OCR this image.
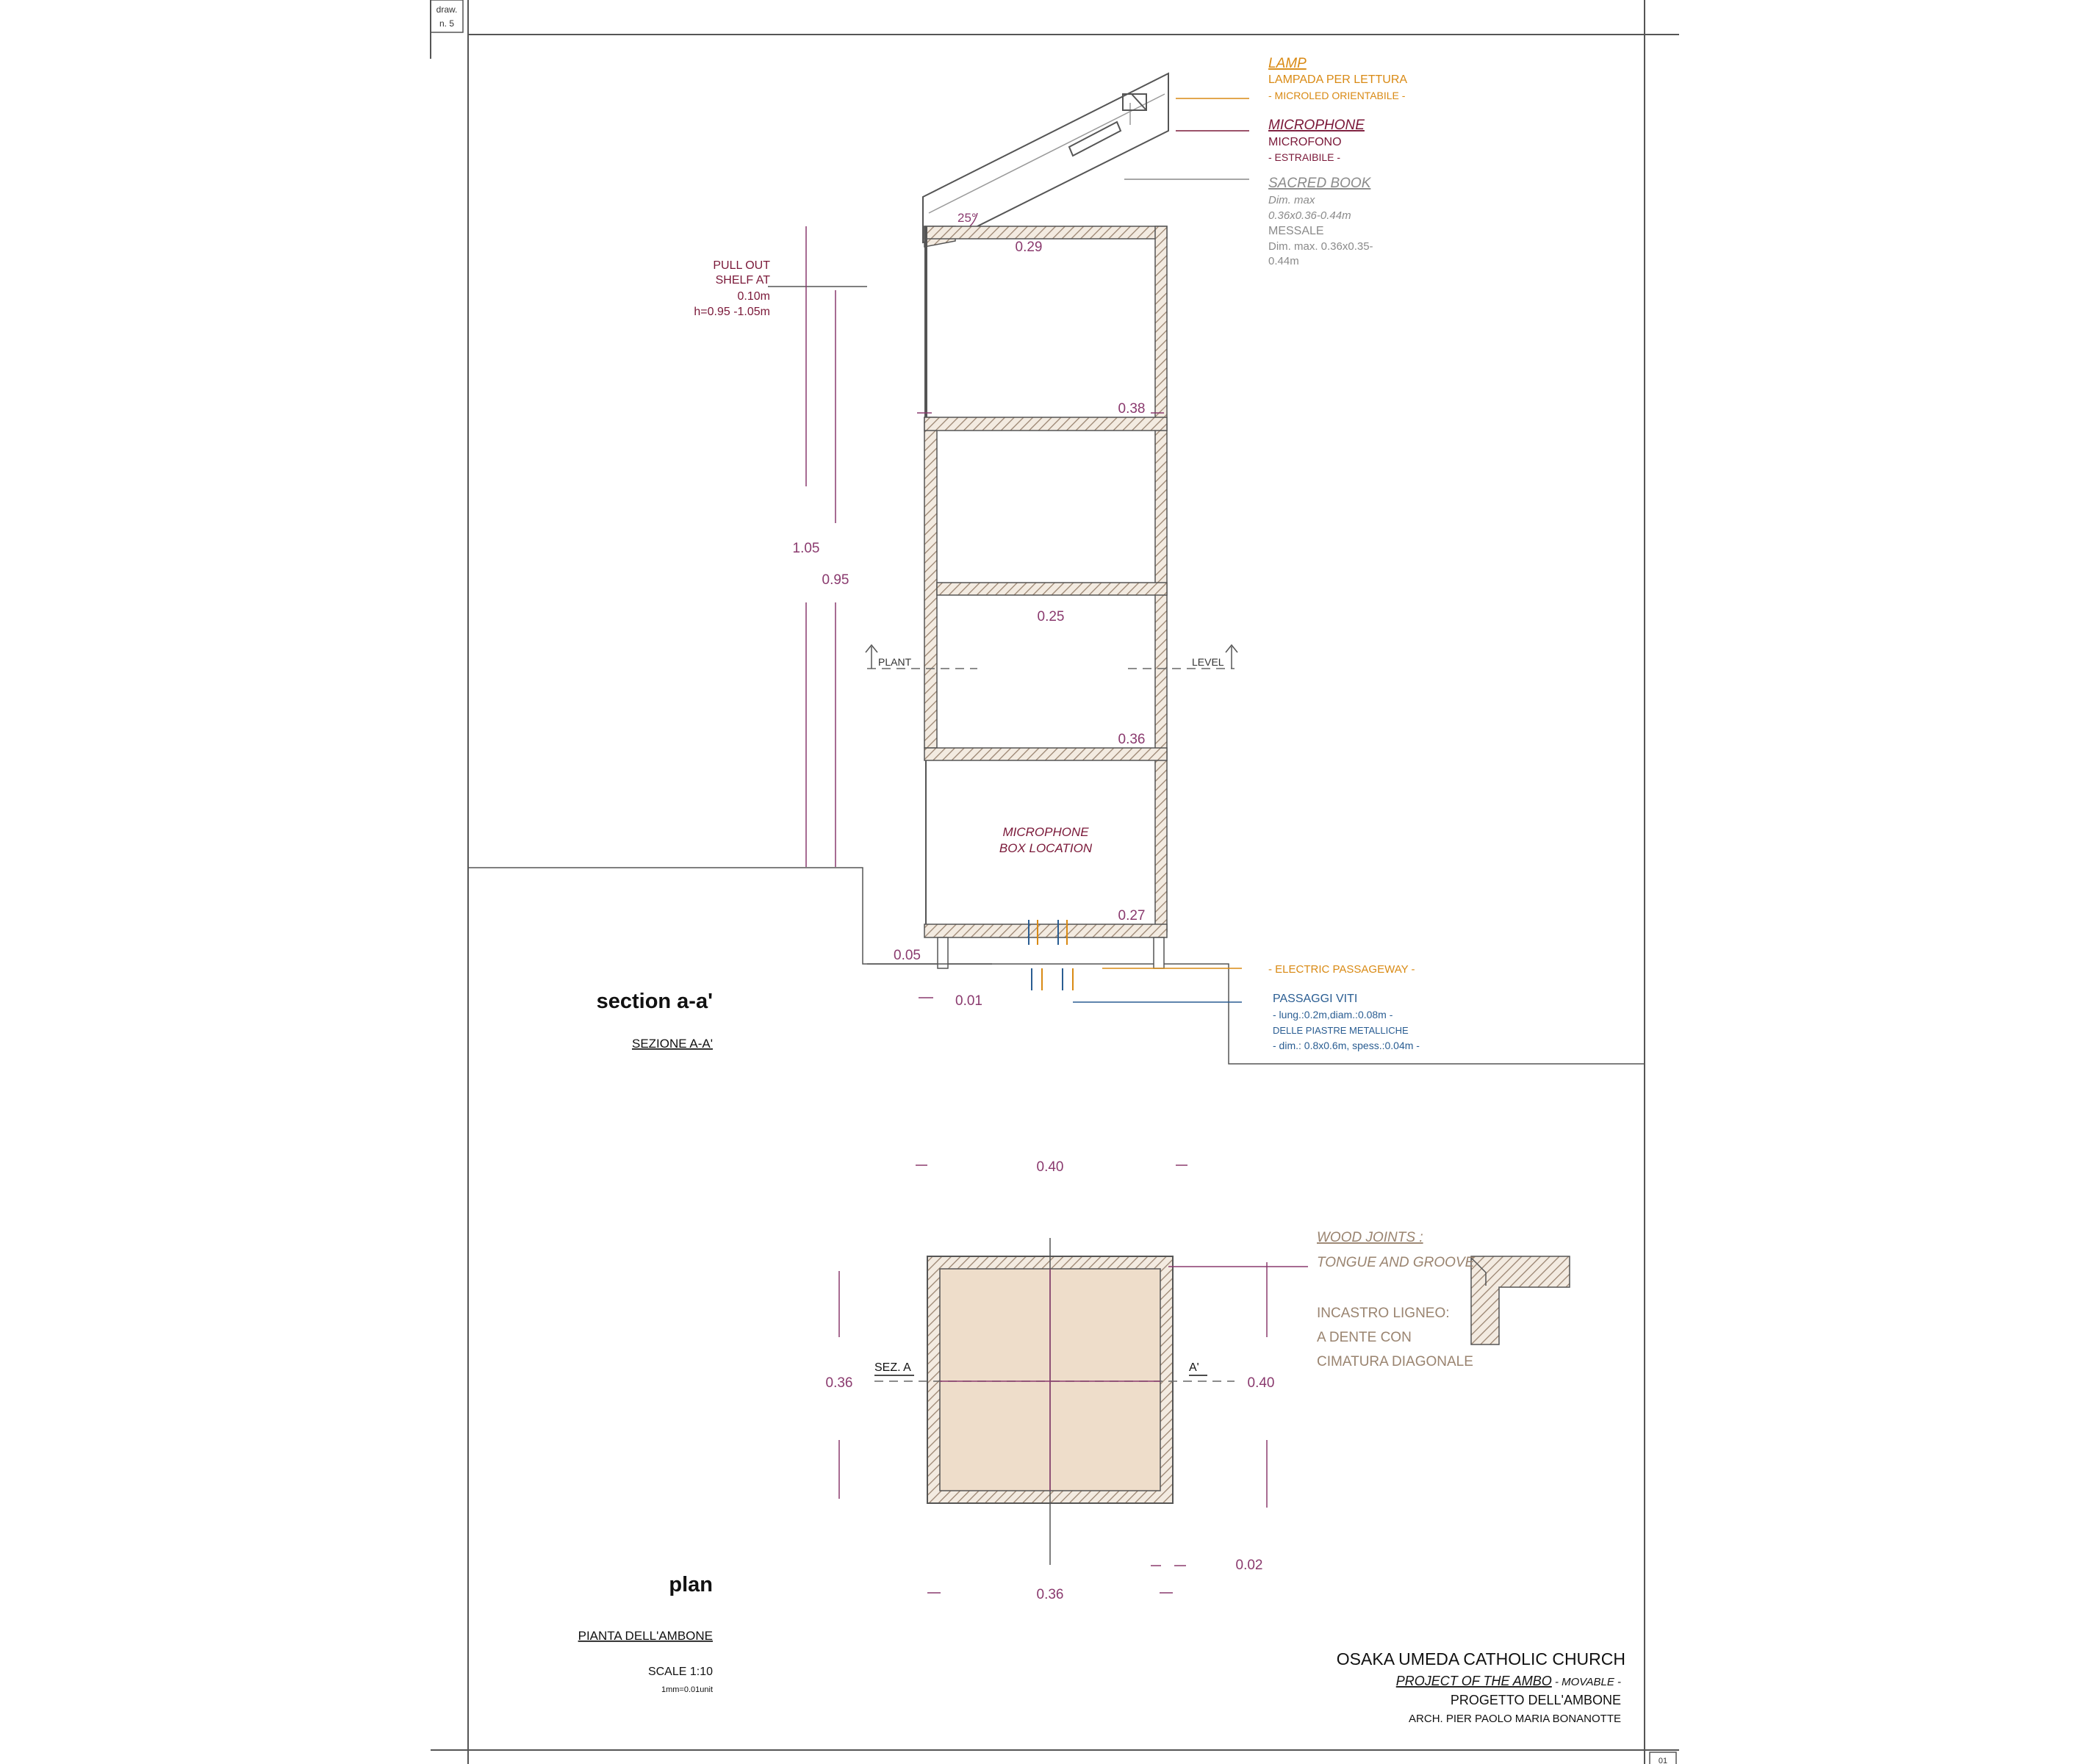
draw.
n. 5
01
25°
0.29
0.38
0.25
0.36
0.27
1.05
0.95
0.05
0.01
LAMP
LAMPADA PER LETTURA
- MICROLED ORIENTABILE -
MICROPHONE
MICROFONO
- ESTRAIBILE -
SACRED BOOK
Dim. max
0.36x0.36-0.44m
MESSALE
Dim. max. 0.36x0.35-
0.44m
PULL OUT
SHELF AT
0.10m
h=0.95 -1.05m
PLANT	LEVEL
MICROPHONE
BOX LOCATION
- ELECTRIC PASSAGEWAY -
PASSAGGI VITI
- lung.:0.2m,diam.:0.08m -
DELLE PIASTRE METALLICHE
- dim.: 0.8x0.6m, spess.:0.04m -
section a-a'
SEZIONE A-A'
0.40
0.36	0.40
0.36
0.02
SEZ. A	A'
WOOD JOINTS :
TONGUE AND GROOVE
INCASTRO LIGNEO:
A DENTE CON
CIMATURA DIAGONALE
plan
PIANTA DELL'AMBONE
SCALE 1:10
1mm=0.01unit
OSAKA UMEDA CATHOLIC CHURCH
PROJECT OF THE AMBO - MOVABLE -
PROGETTO DELL'AMBONE
ARCH. PIER PAOLO MARIA BONANOTTE
